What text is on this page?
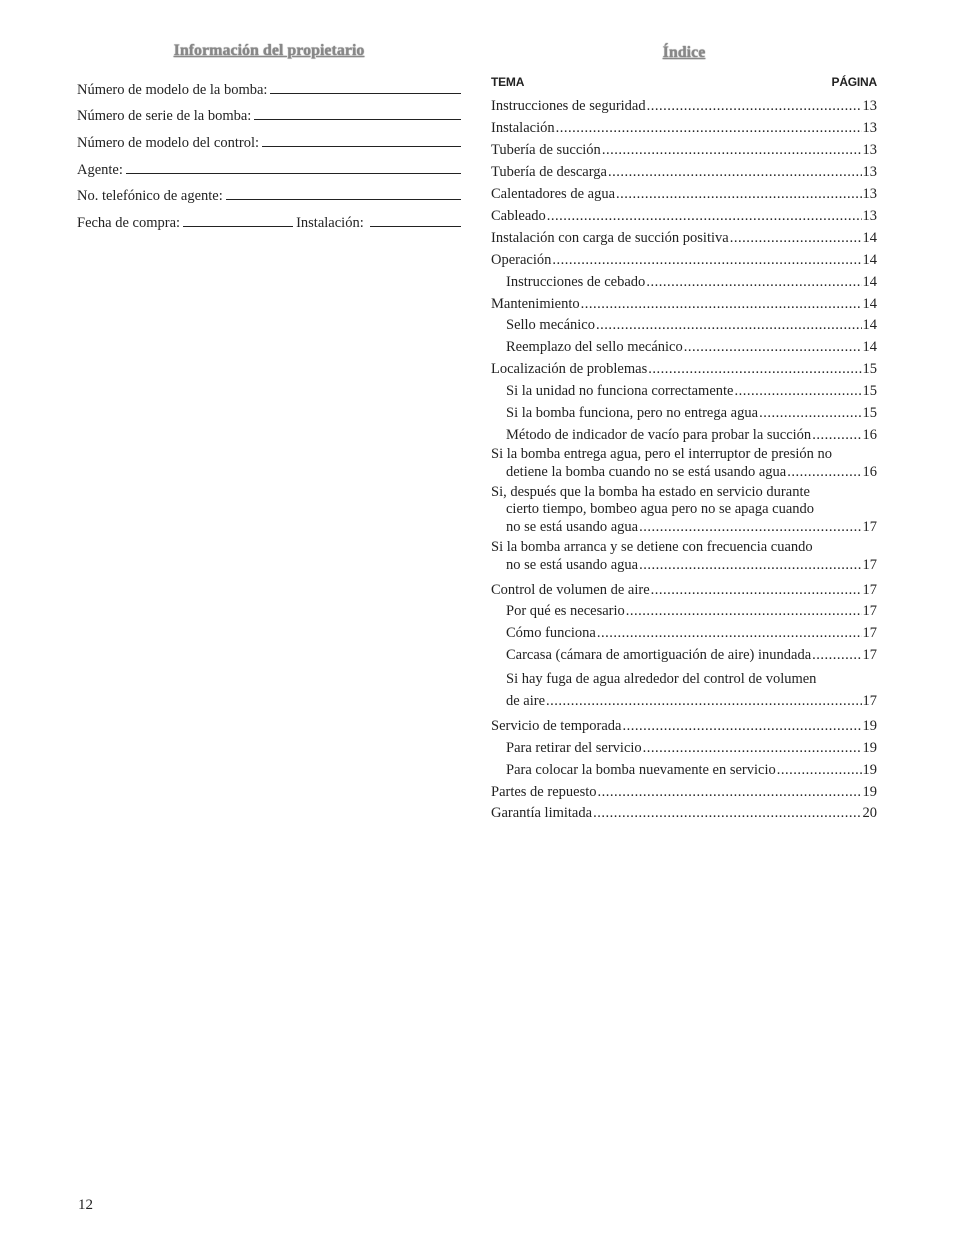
Información del propietario
Número de modelo de la bomba:
Número de serie de la bomba:
Número de modelo del control:
Agente:
No. telefónico de agente:
Fecha de compra:	Instalación:
Índice
TEMA	PÁGINA
Instrucciones de seguridad .....	13
Instalación .....	13
Tubería de succión .....	13
Tubería de descarga .....	13
Calentadores de agua .....	13
Cableado .....	13
Instalación con carga de succión positiva .....	14
Operación .....	14
Instrucciones de cebado .....	14
Mantenimiento .....	14
Sello mecánico .....	14
Reemplazo del sello mecánico .....	14
Localización de problemas .....	15
Si la unidad no funciona correctamente .....	15
Si la bomba funciona, pero no entrega agua .....	15
Método de indicador de vacío para probar la succión .....	16
Si la bomba entrega agua, pero el interruptor de presión no
detiene la bomba cuando no se está usando agua .....	16
Si, después que la bomba ha estado en servicio durante
cierto tiempo, bombeo agua pero no se apaga cuando
no se está usando agua .....	17
Si la bomba arranca y se detiene con frecuencia cuando
no se está usando agua .....	17
Control de volumen de aire .....	17
Por qué es necesario .....	17
Cómo funciona .....	17
Carcasa (cámara de amortiguación de aire) inundada .....	17
Si hay fuga de agua alrededor del control de volumen
de aire .....	17
Servicio de temporada .....	19
Para retirar del servicio .....	19
Para colocar la bomba nuevamente en servicio .....	19
Partes de repuesto .....	19
Garantía limitada .....	20
12
